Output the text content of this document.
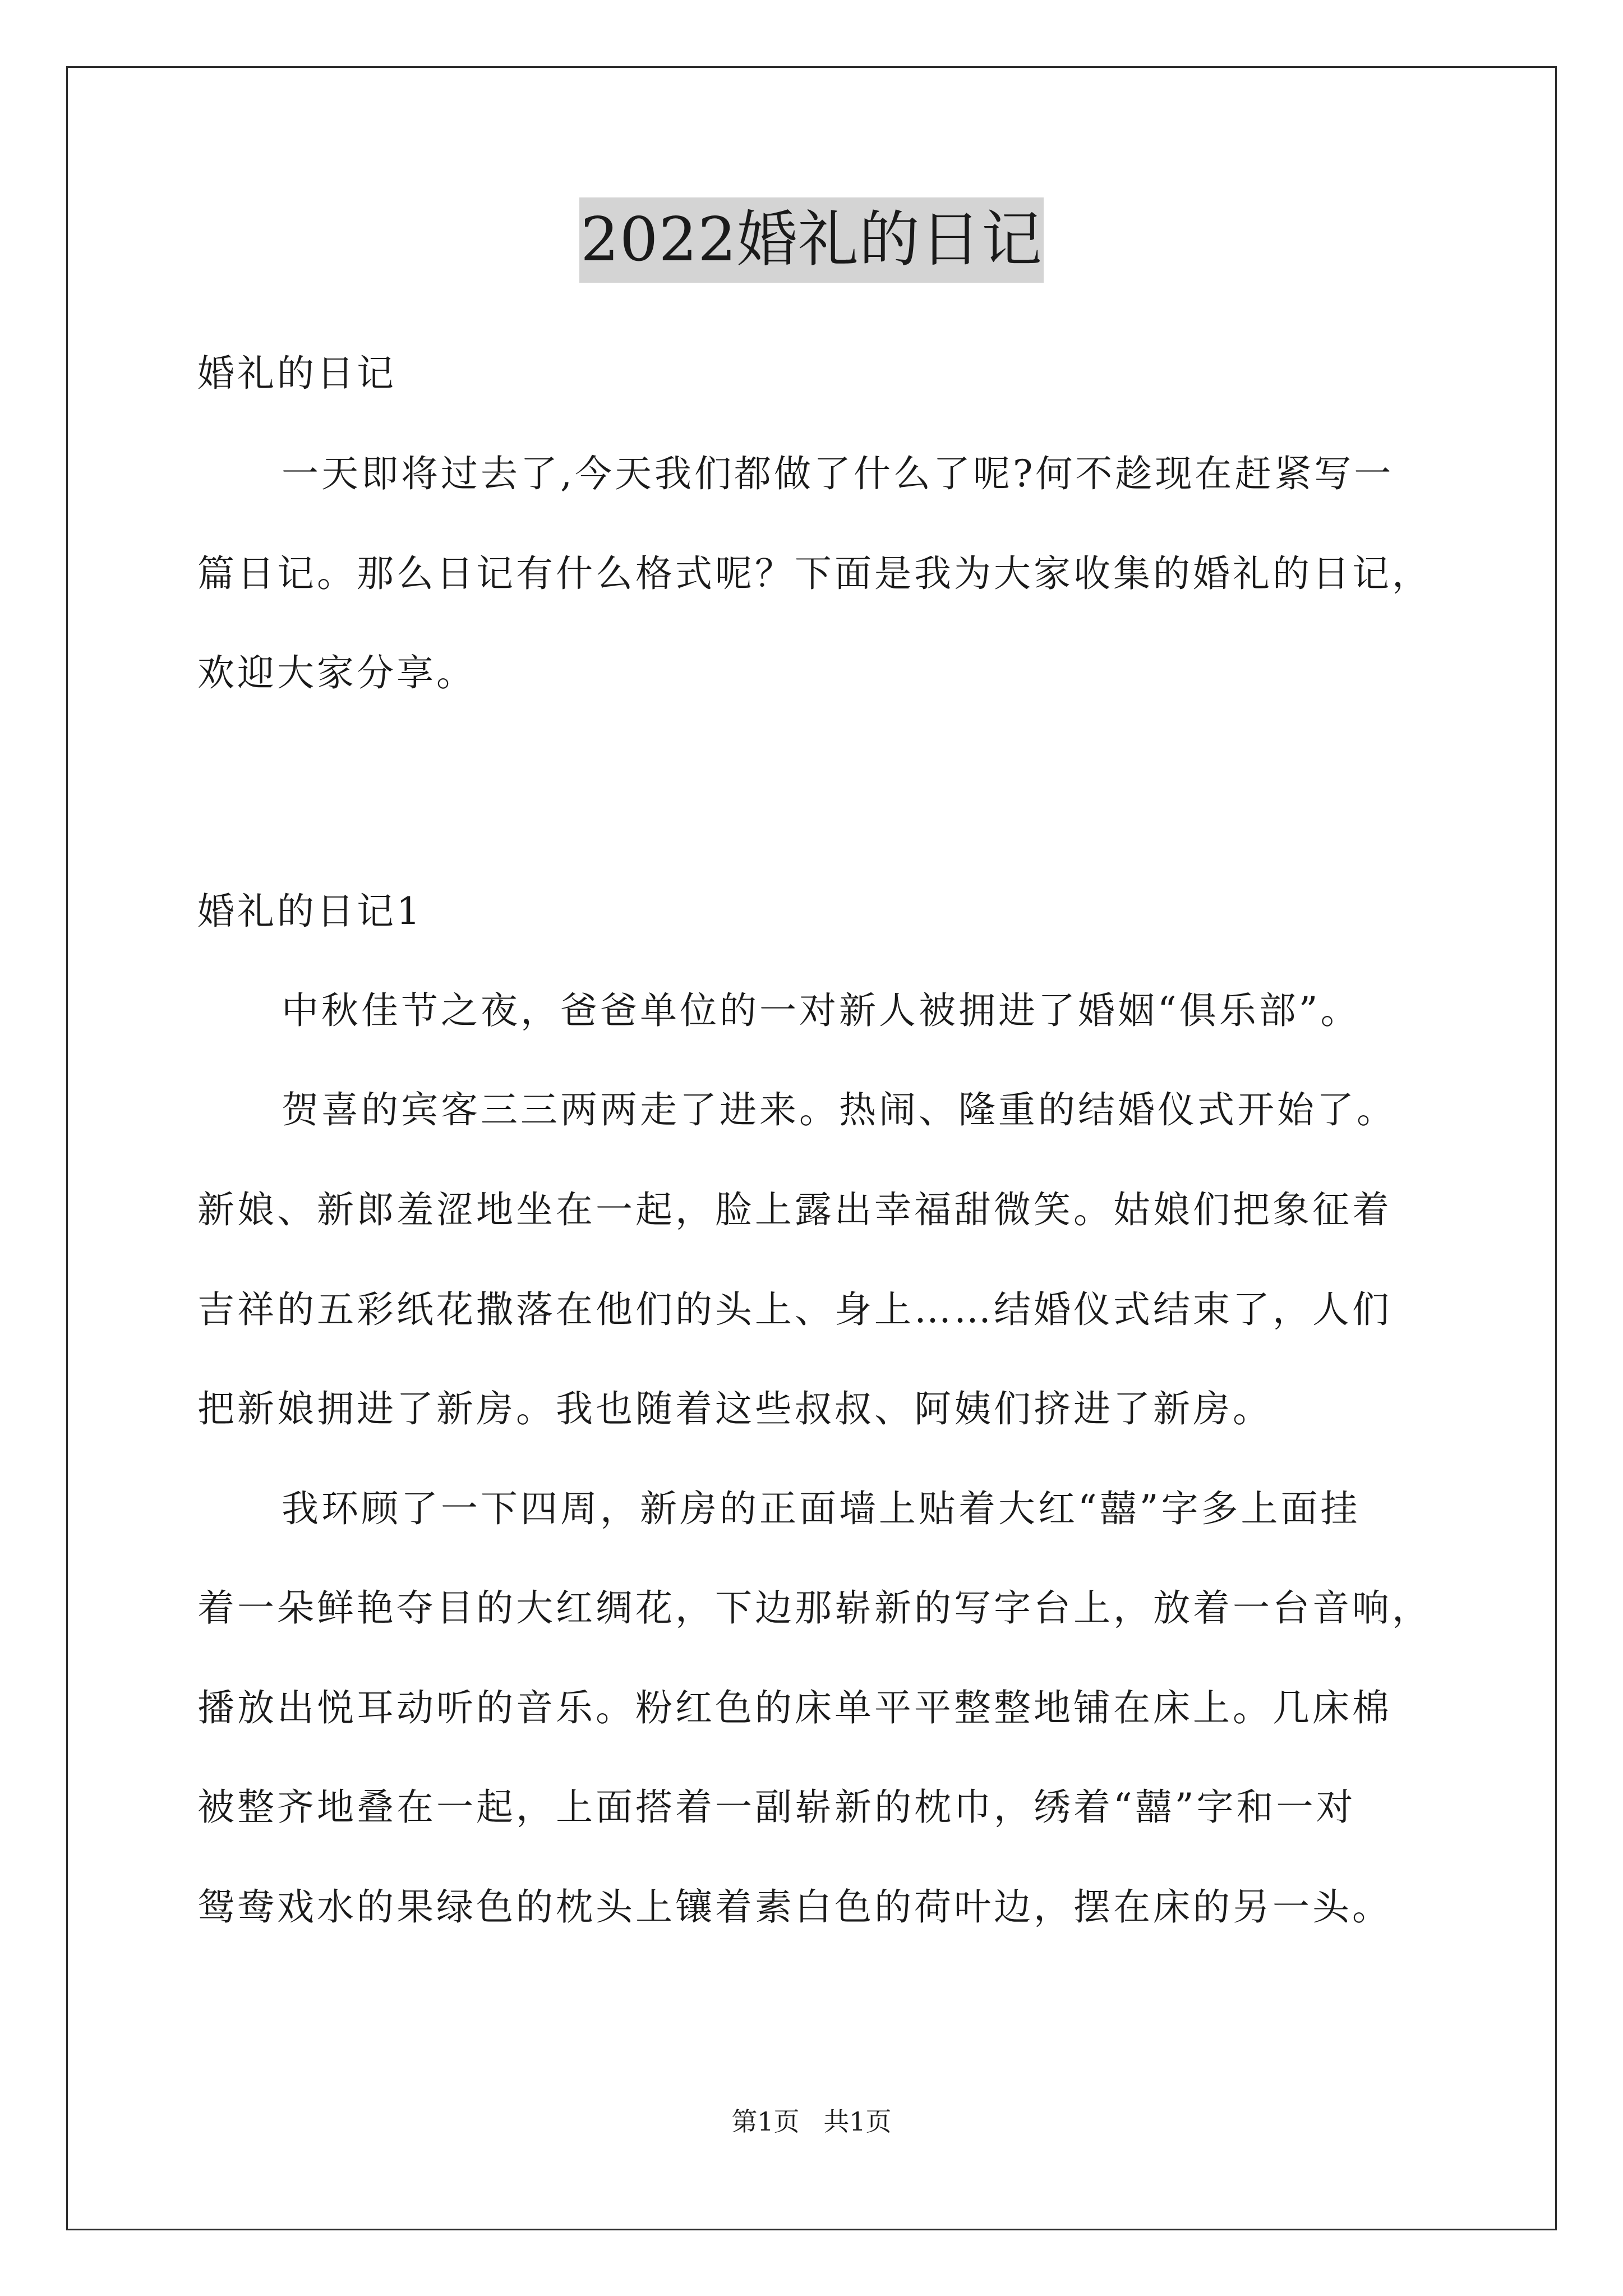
2022婚礼的日记
婚礼的日记
一天即将过去了,今天我们都做了什么了呢?何不趁现在赶紧写一
篇日记。那么日记有什么格式呢？下面是我为大家收集的婚礼的日记，
欢迎大家分享。
婚礼的日记1
中秋佳节之夜，爸爸单位的一对新人被拥进了婚姻“俱乐部”。
贺喜的宾客三三两两走了进来。热闹、隆重的结婚仪式开始了。
新娘、新郎羞涩地坐在一起，脸上露出幸福甜微笑。姑娘们把象征着
吉祥的五彩纸花撒落在他们的头上、身上……结婚仪式结束了，人们
把新娘拥进了新房。我也随着这些叔叔、阿姨们挤进了新房。
我环顾了一下四周，新房的正面墙上贴着大红“囍”字多上面挂
着一朵鲜艳夺目的大红绸花，下边那崭新的写字台上，放着一台音响，
播放出悦耳动听的音乐。粉红色的床单平平整整地铺在床上。几床棉
被整齐地叠在一起，上面搭着一副崭新的枕巾，绣着“囍”字和一对
鸳鸯戏水的果绿色的枕头上镶着素白色的荷叶边，摆在床的另一头。
第1页 共1页
